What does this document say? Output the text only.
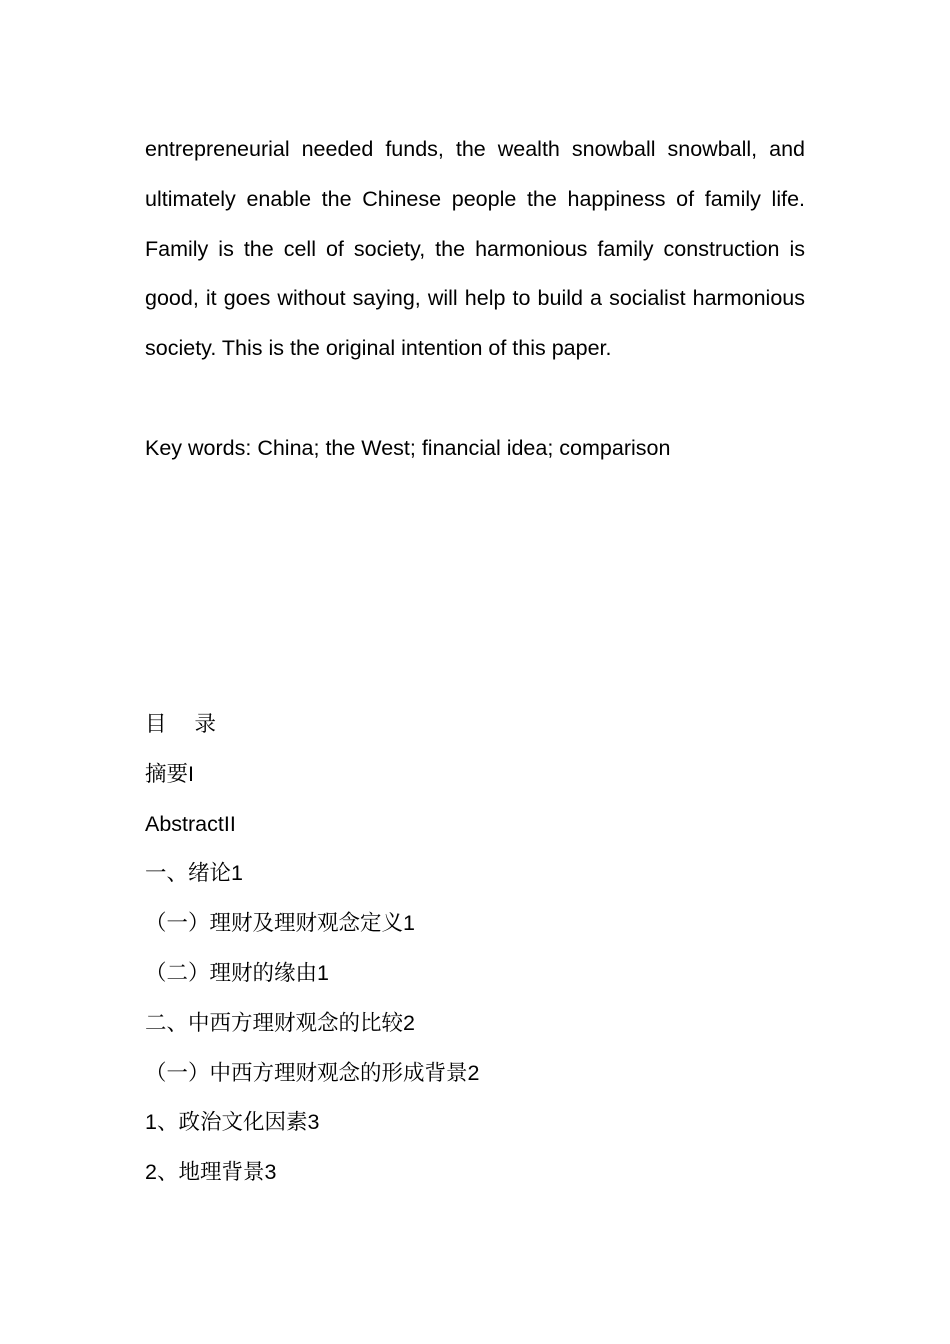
entrepreneurial needed funds, the wealth snowball snowball, and ultimately enable the Chinese people the happiness of family life. Family is the cell of society, the harmonious family construction is good, it goes without saying, will help to build a socialist harmonious society. This is the original intention of this paper.

Key words: China; the West; financial idea; comparison

目 录

摘要I
AbstractII
一、绪论1
（一）理财及理财观念定义1
（二）理财的缘由1
二、中西方理财观念的比较2
（一）中西方理财观念的形成背景2
1、政治文化因素3
2、地理背景3
